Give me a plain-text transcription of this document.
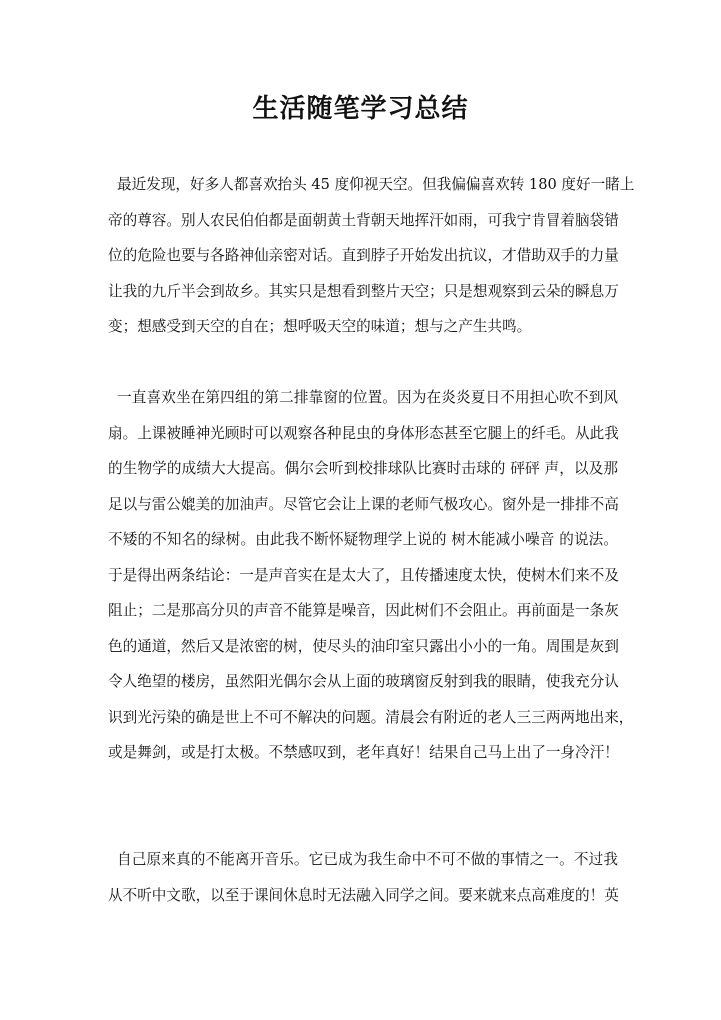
生活随笔学习总结
最近发现，好多人都喜欢抬头 45 度仰视天空。但我偏偏喜欢转 180 度好一睹上
帝的尊容。别人农民伯伯都是面朝黄土背朝天地挥汗如雨，可我宁肯冒着脑袋错
位的危险也要与各路神仙亲密对话。直到脖子开始发出抗议，才借助双手的力量
让我的九斤半会到故乡。其实只是想看到整片天空；只是想观察到云朵的瞬息万
变；想感受到天空的自在；想呼吸天空的味道；想与之产生共鸣。
一直喜欢坐在第四组的第二排靠窗的位置。因为在炎炎夏日不用担心吹不到风
扇。上课被睡神光顾时可以观察各种昆虫的身体形态甚至它腿上的纤毛。从此我
的生物学的成绩大大提高。偶尔会听到校排球队比赛时击球的 砰砰 声，以及那
足以与雷公媲美的加油声。尽管它会让上课的老师气极攻心。窗外是一排排不高
不矮的不知名的绿树。由此我不断怀疑物理学上说的 树木能减小噪音 的说法。
于是得出两条结论：一是声音实在是太大了，且传播速度太快，使树木们来不及
阻止；二是那高分贝的声音不能算是噪音，因此树们不会阻止。再前面是一条灰
色的通道，然后又是浓密的树，使尽头的油印室只露出小小的一角。周围是灰到
令人绝望的楼房，虽然阳光偶尔会从上面的玻璃窗反射到我的眼睛，使我充分认
识到光污染的确是世上不可不解决的问题。清晨会有附近的老人三三两两地出来，
或是舞剑，或是打太极。不禁感叹到，老年真好！结果自己马上出了一身冷汗！
自己原来真的不能离开音乐。它已成为我生命中不可不做的事情之一。不过我
从不听中文歌，以至于课间休息时无法融入同学之间。要来就来点高难度的！英
